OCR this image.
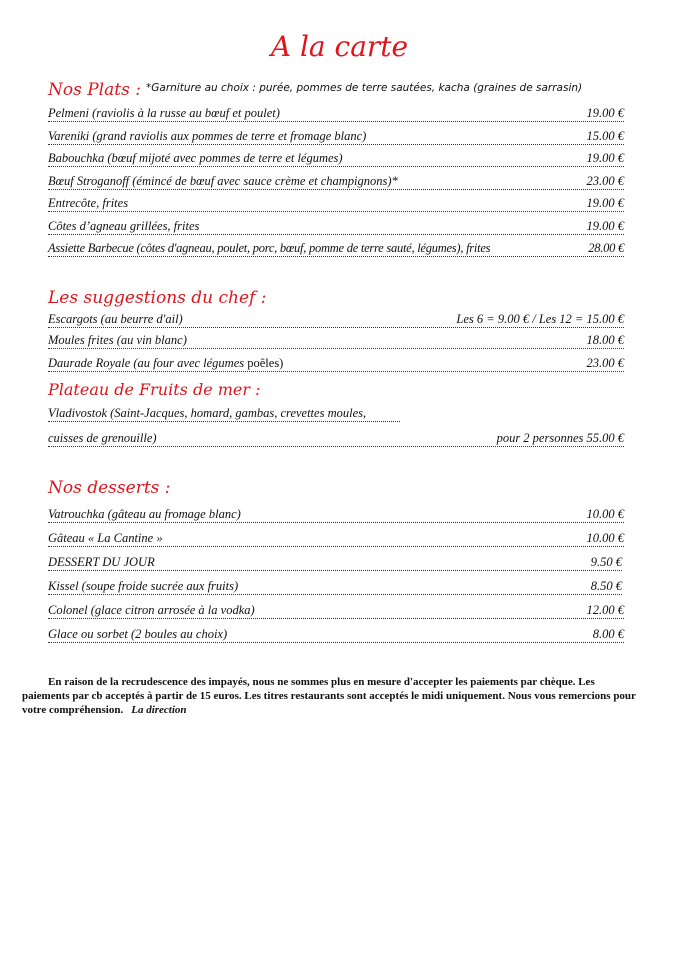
A la carte
Nos Plats : *Garniture au choix : purée, pommes de terre sautées, kacha (graines de sarrasin)
Pelmeni (raviolis à la russe au bœuf et poulet)	19.00 €
Vareniki (grand raviolis aux pommes de terre et fromage blanc)	15.00 €
Babouchka (bœuf mijoté avec pommes de terre et légumes)	19.00 €
Bœuf Stroganoff (émincé de bœuf avec sauce crème et champignons)*	23.00 €
Entrecôte, frites	19.00 €
Côtes d’agneau grillées, frites	19.00 €
Assiette Barbecue (côtes d'agneau, poulet, porc, bœuf, pomme de terre sauté, légumes), frites	28.00 €
Les suggestions du chef :
Escargots (au beurre d'ail)	Les 6 = 9.00 € / Les 12 = 15.00 €
Moules frites (au vin blanc)	18.00 €
Daurade Royale (au four avec légumes poêles)	23.00 €
Plateau de Fruits de mer :
Vladivostok (Saint-Jacques, homard, gambas, crevettes moules,
cuisses de grenouille)	pour 2 personnes 55.00 €
Nos desserts :
Vatrouchka (gâteau au fromage blanc)	10.00 €
Gâteau « La Cantine »	10.00 €
DESSERT DU JOUR	9.50 €
Kissel (soupe froide sucrée aux fruits)	8.50 €
Colonel (glace citron arrosée à la vodka)	12.00 €
Glace ou sorbet (2 boules au choix)	8.00 €
En raison de la recrudescence des impayés, nous ne sommes plus en mesure d'accepter les paiements par chèque. Les paiements par cb acceptés à partir de 15 euros. Les titres restaurants sont acceptés le midi uniquement. Nous vous remercions pour votre compréhension. La direction
